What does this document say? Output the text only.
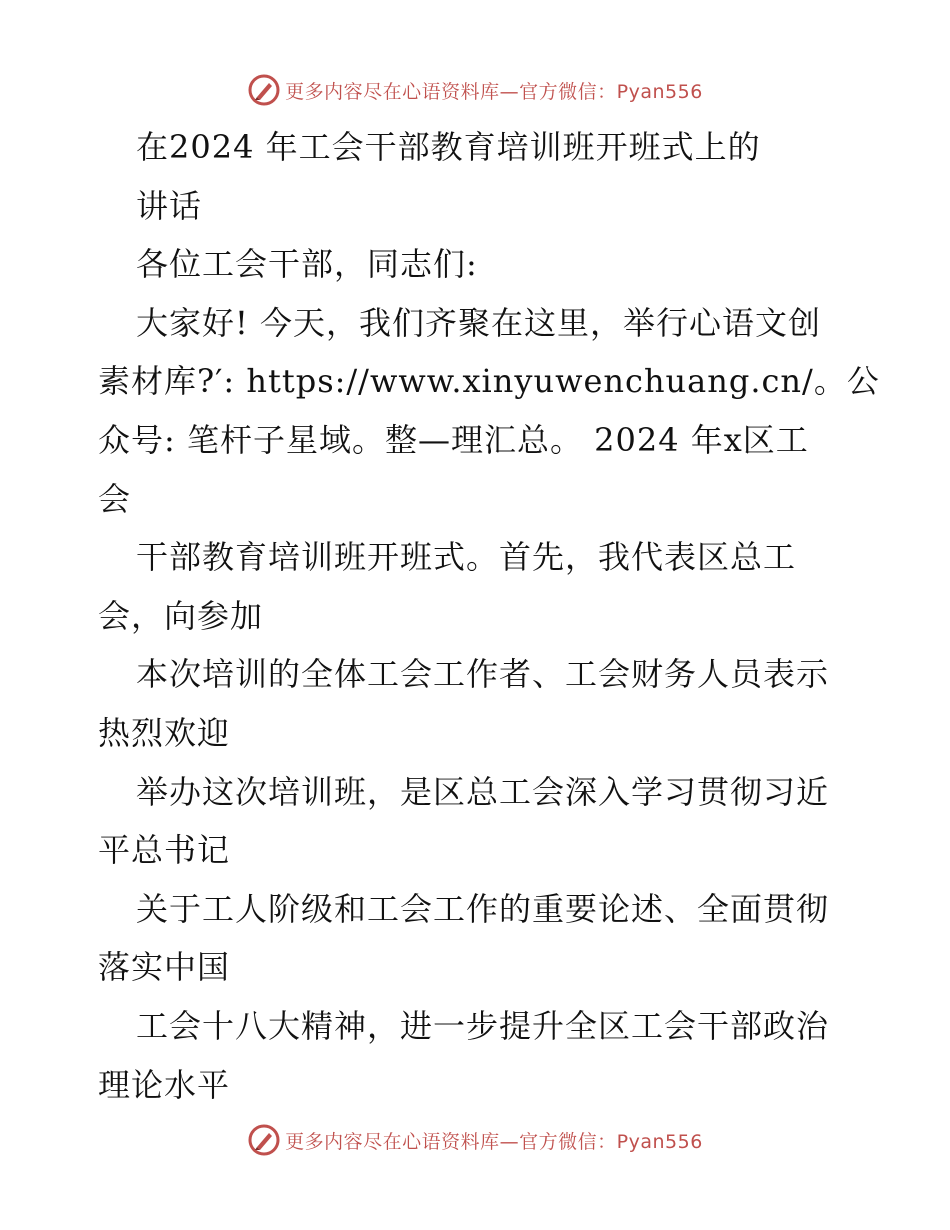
更多内容尽在心语资料库—官方微信：Pyan556
在2024 年工会干部教育培训班开班式上的
讲话
各位工会干部，同志们:
大家好! 今天，我们齐聚在这里，举行心语文创
素材库?′: https://www.xinyuwenchuang.cn/。公
众号: 笔杆子星域。整—理汇总。 2024 年x区工
会
干部教育培训班开班式。首先，我代表区总工
会，向参加
本次培训的全体工会工作者、工会财务人员表示
热烈欢迎
举办这次培训班，是区总工会深入学习贯彻习近
平总书记
关于工人阶级和工会工作的重要论述、全面贯彻
落实中国
工会十八大精神，进一步提升全区工会干部政治
理论水平
更多内容尽在心语资料库—官方微信：Pyan556
